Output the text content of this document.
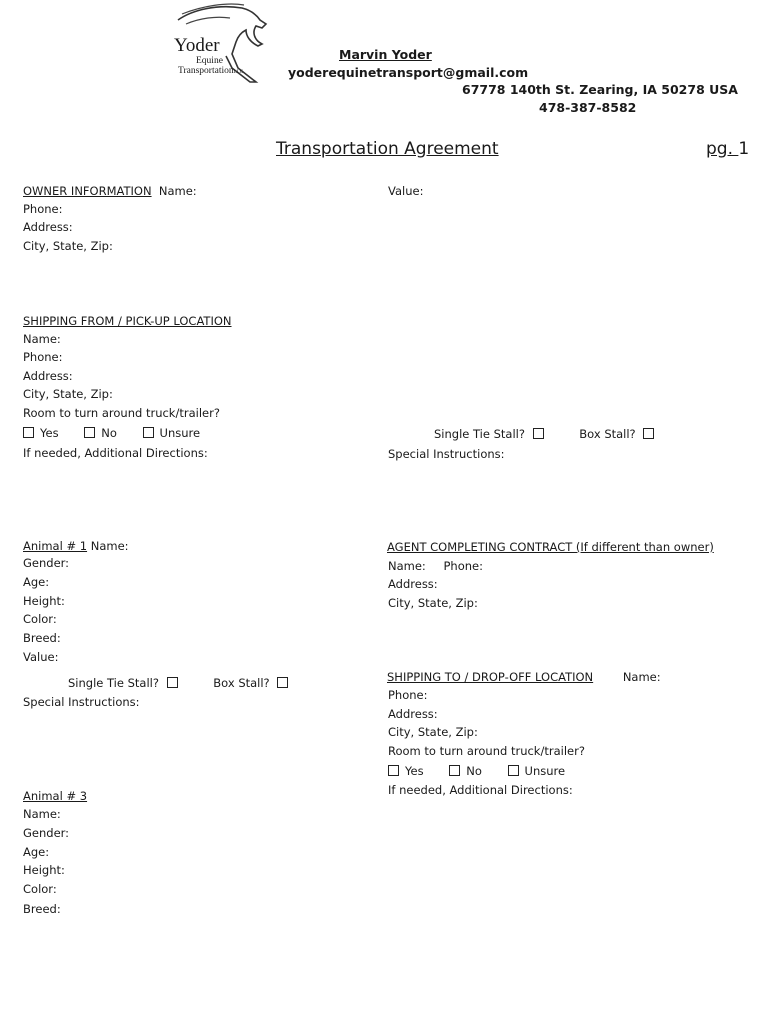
Yoder
Equine
TransportationLLC
Marvin Yoder
yoderequinetransport@gmail.com
67778 140th St. Zearing, IA 50278 USA
478-387-8582
Transportation Agreement	pg. 1
OWNER INFORMATION Name:	Value:
Phone:
Address:
City, State, Zip:
SHIPPING FROM / PICK-UP LOCATION
Name:
Phone:
Address:
City, State, Zip:
Room to turn around truck/trailer?
Yes	No	Unsure
If needed, Additional Directions:
Single Tie Stall?	Box Stall?
Special Instructions:
Animal # 1 Name:
Gender:
Age:
Height:
Color:
Breed:
Value:
Single Tie Stall?	Box Stall?
Special Instructions:
AGENT COMPLETING CONTRACT (If different than owner)
Name: Phone:
Address:
City, State, Zip:
SHIPPING TO / DROP-OFF LOCATION	Name:
Phone:
Address:
City, State, Zip:
Room to turn around truck/trailer?
Yes	No	Unsure
If needed, Additional Directions:
Animal # 3
Name:
Gender:
Age:
Height:
Color:
Breed:
